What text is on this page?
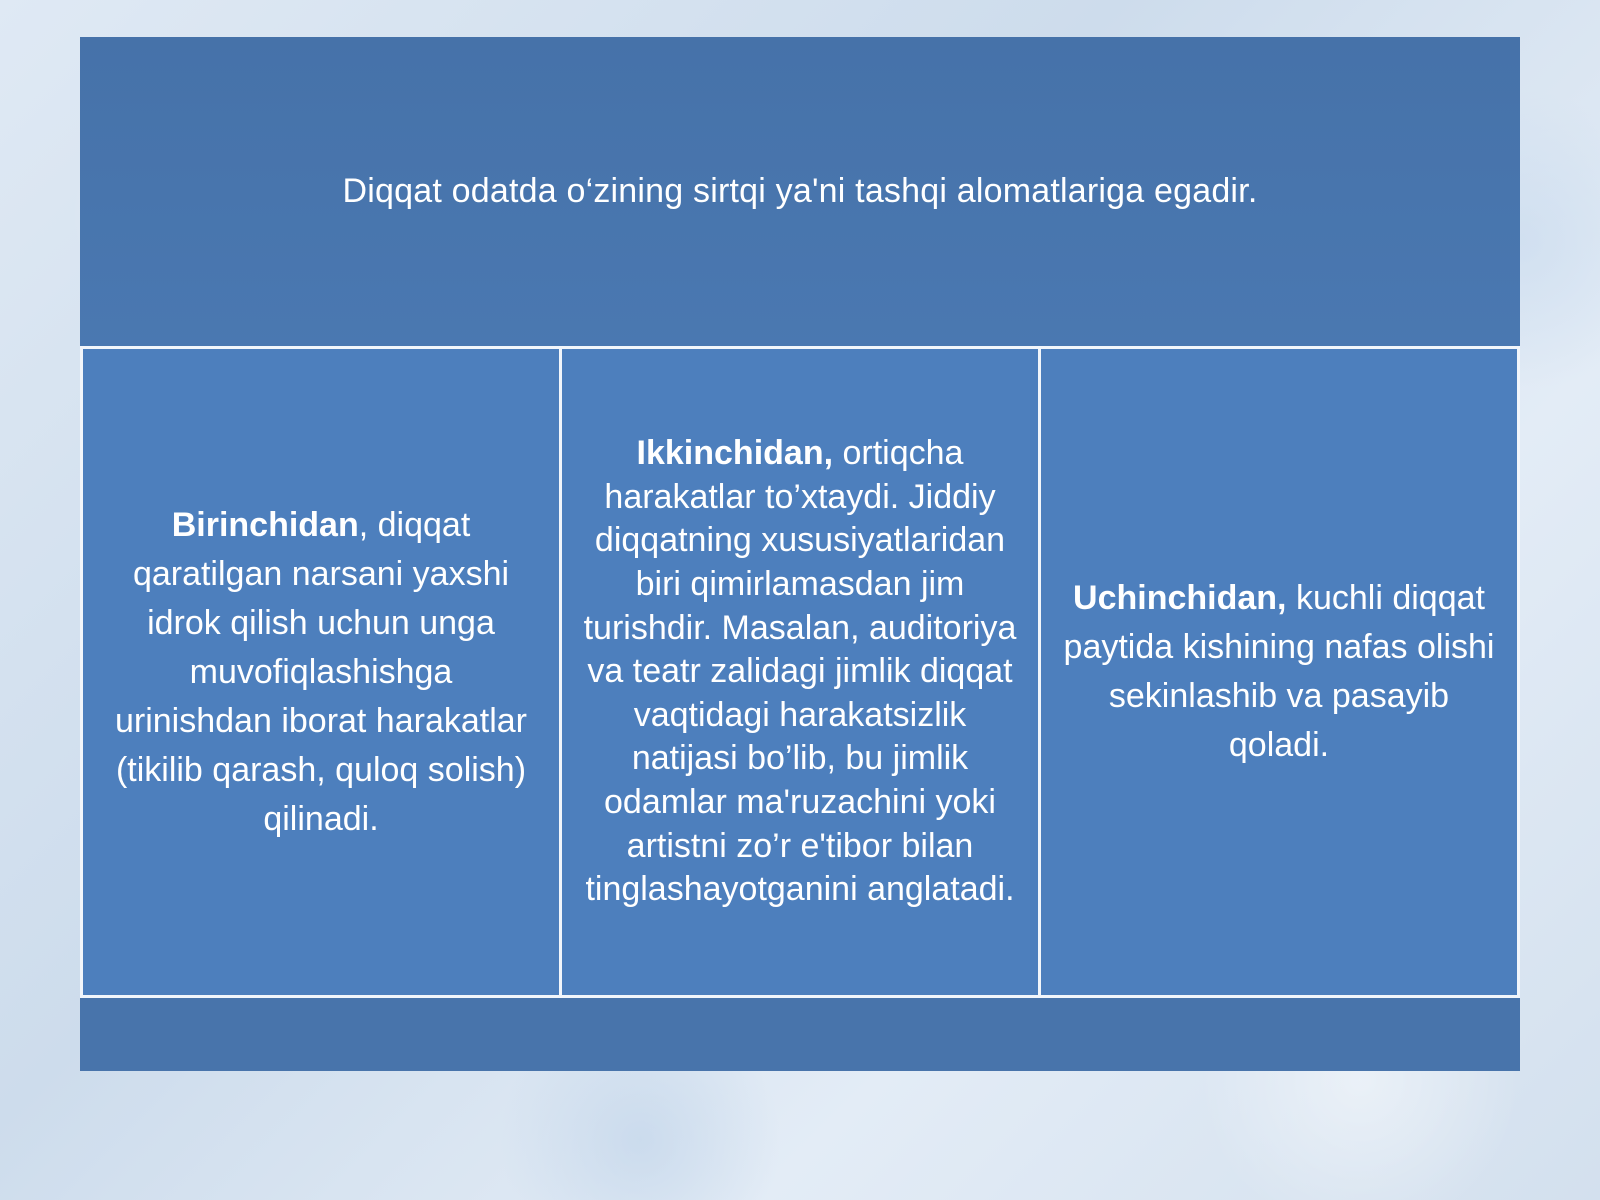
Diqqat odatda o‘zining sirtqi ya'ni tashqi alomatlariga egadir.

Birinchidan, diqqat qaratilgan narsani yaxshi idrok qilish uchun unga muvofiqlashishga urinishdan iborat harakatlar (tikilib qarash, quloq solish) qilinadi.

Ikkinchidan, ortiqcha harakatlar to’xtaydi. Jiddiy diqqatning xususiyatlaridan biri qimirlamasdan jim turishdir. Masalan, auditoriya va teatr zalidagi jimlik diqqat vaqtidagi harakatsizlik natijasi bo’lib, bu jimlik odamlar ma'ruzachini yoki artistni zo’r e'tibor bilan tinglashayotganini anglatadi.

Uchinchidan, kuchli diqqat paytida kishining nafas olishi sekinlashib va pasayib qoladi.
